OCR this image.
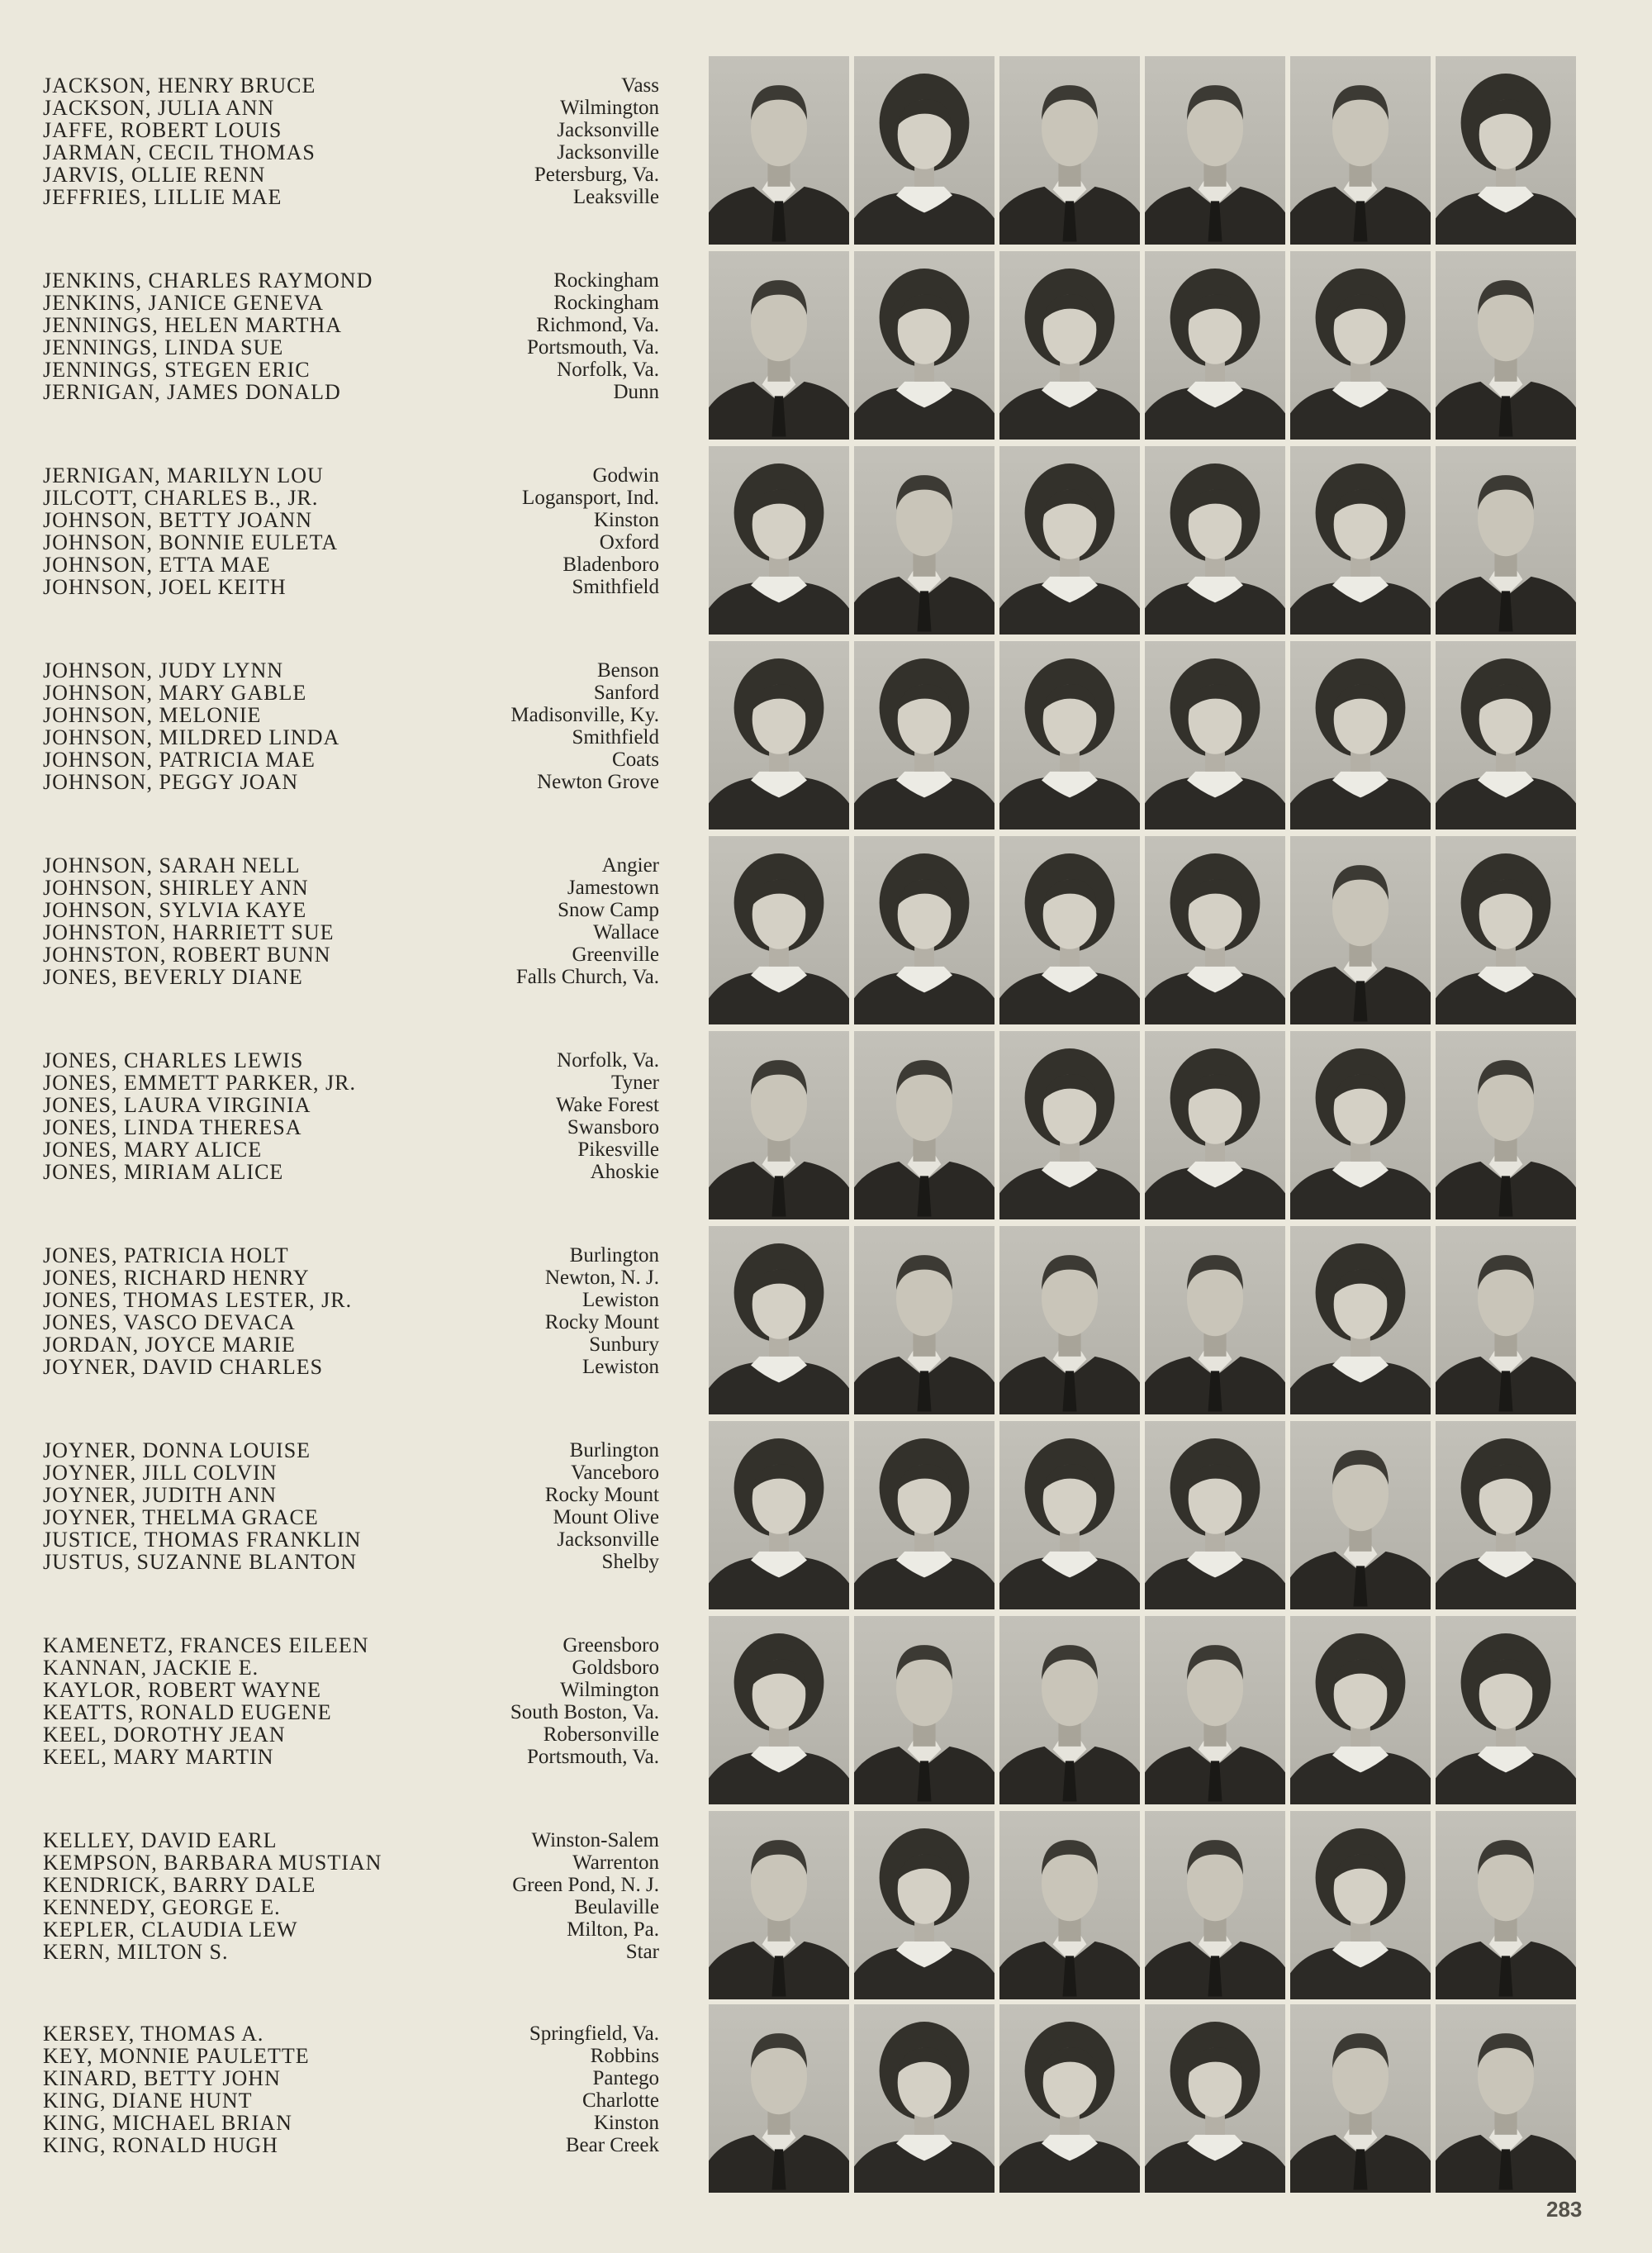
JACKSON, HENRY BRUCE
JACKSON, JULIA ANN
JAFFE, ROBERT LOUIS
JARMAN, CECIL THOMAS
JARVIS, OLLIE RENN
JEFFRIES, LILLIE MAE
Vass
Wilmington
Jacksonville
Jacksonville
Petersburg, Va.
Leaksville
JENKINS, CHARLES RAYMOND
JENKINS, JANICE GENEVA
JENNINGS, HELEN MARTHA
JENNINGS, LINDA SUE
JENNINGS, STEGEN ERIC
JERNIGAN, JAMES DONALD
Rockingham
Rockingham
Richmond, Va.
Portsmouth, Va.
Norfolk, Va.
Dunn
JERNIGAN, MARILYN LOU
JILCOTT, CHARLES B., JR.
JOHNSON, BETTY JOANN
JOHNSON, BONNIE EULETA
JOHNSON, ETTA MAE
JOHNSON, JOEL KEITH
Godwin
Logansport, Ind.
Kinston
Oxford
Bladenboro
Smithfield
JOHNSON, JUDY LYNN
JOHNSON, MARY GABLE
JOHNSON, MELONIE
JOHNSON, MILDRED LINDA
JOHNSON, PATRICIA MAE
JOHNSON, PEGGY JOAN
Benson
Sanford
Madisonville, Ky.
Smithfield
Coats
Newton Grove
JOHNSON, SARAH NELL
JOHNSON, SHIRLEY ANN
JOHNSON, SYLVIA KAYE
JOHNSTON, HARRIETT SUE
JOHNSTON, ROBERT BUNN
JONES, BEVERLY DIANE
Angier
Jamestown
Snow Camp
Wallace
Greenville
Falls Church, Va.
JONES, CHARLES LEWIS
JONES, EMMETT PARKER, JR.
JONES, LAURA VIRGINIA
JONES, LINDA THERESA
JONES, MARY ALICE
JONES, MIRIAM ALICE
Norfolk, Va.
Tyner
Wake Forest
Swansboro
Pikesville
Ahoskie
JONES, PATRICIA HOLT
JONES, RICHARD HENRY
JONES, THOMAS LESTER, JR.
JONES, VASCO DEVACA
JORDAN, JOYCE MARIE
JOYNER, DAVID CHARLES
Burlington
Newton, N. J.
Lewiston
Rocky Mount
Sunbury
Lewiston
JOYNER, DONNA LOUISE
JOYNER, JILL COLVIN
JOYNER, JUDITH ANN
JOYNER, THELMA GRACE
JUSTICE, THOMAS FRANKLIN
JUSTUS, SUZANNE BLANTON
Burlington
Vanceboro
Rocky Mount
Mount Olive
Jacksonville
Shelby
KAMENETZ, FRANCES EILEEN
KANNAN, JACKIE E.
KAYLOR, ROBERT WAYNE
KEATTS, RONALD EUGENE
KEEL, DOROTHY JEAN
KEEL, MARY MARTIN
Greensboro
Goldsboro
Wilmington
South Boston, Va.
Robersonville
Portsmouth, Va.
KELLEY, DAVID EARL
KEMPSON, BARBARA MUSTIAN
KENDRICK, BARRY DALE
KENNEDY, GEORGE E.
KEPLER, CLAUDIA LEW
KERN, MILTON S.
Winston-Salem
Warrenton
Green Pond, N. J.
Beulaville
Milton, Pa.
Star
KERSEY, THOMAS A.
KEY, MONNIE PAULETTE
KINARD, BETTY JOHN
KING, DIANE HUNT
KING, MICHAEL BRIAN
KING, RONALD HUGH
Springfield, Va.
Robbins
Pantego
Charlotte
Kinston
Bear Creek
283
